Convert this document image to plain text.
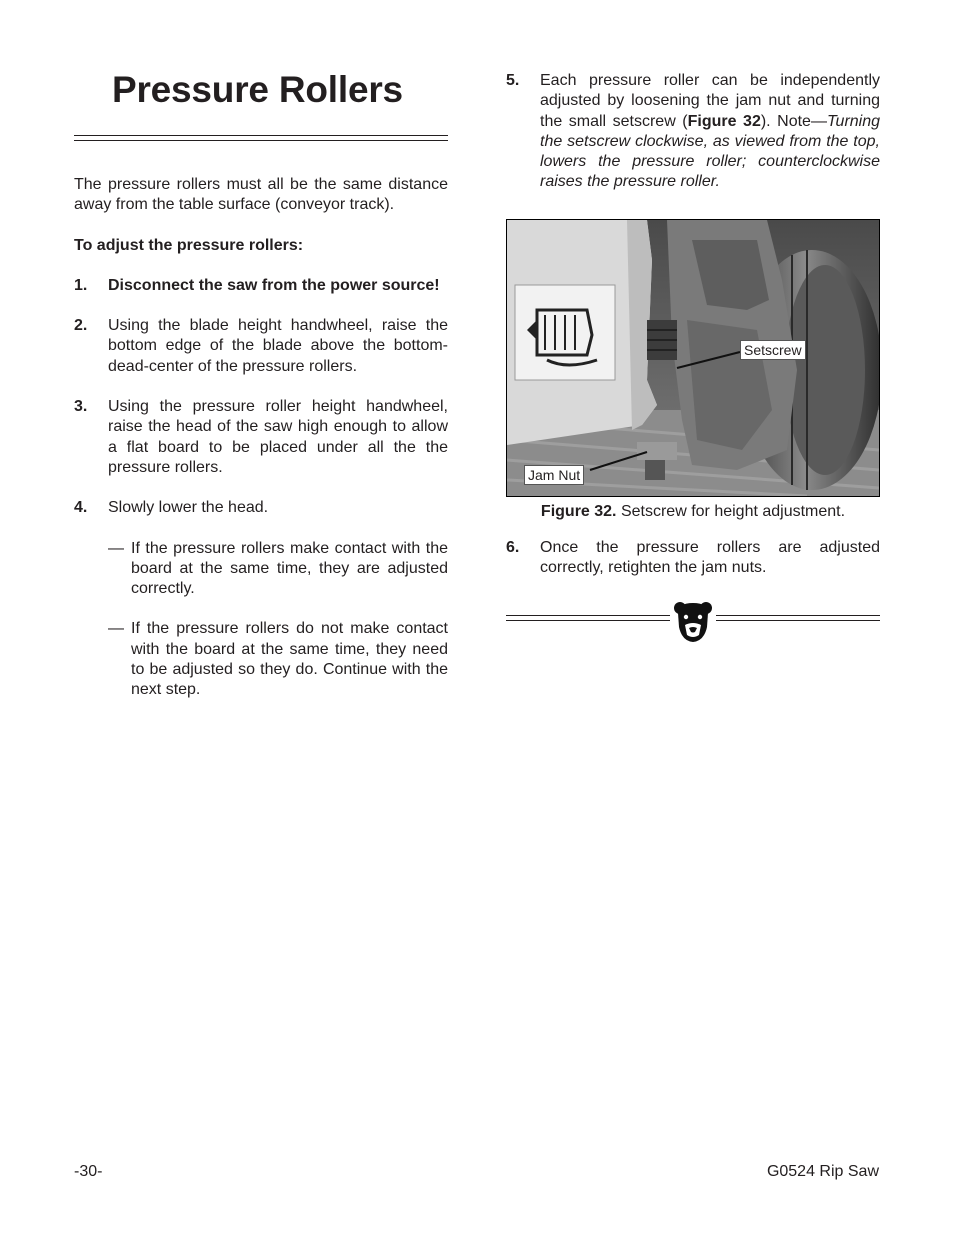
Pressure Rollers

The pressure rollers must all be the same distance away from the table surface (conveyor track).

To adjust the pressure rollers:

1.	Disconnect the saw from the power source!
2.	Using the blade height handwheel, raise the bottom edge of the blade above the bottom-dead-center of the pressure rollers.
3.	Using the pressure roller height handwheel, raise the head of the saw high enough to allow a flat board to be placed under all the the pressure rollers.
4.	Slowly lower the head.
— If the pressure rollers make contact with the board at the same time, they are adjusted correctly.
— If the pressure rollers do not make contact with the board at the same time, they need to be adjusted so they do. Continue with the next step.
5.	Each pressure roller can be independently adjusted by loosening the jam nut and turning the small setscrew (Figure 32). Note—Turning the setscrew clockwise, as viewed from the top, lowers the pressure roller; counterclockwise raises the pressure roller.
Setscrew
Jam Nut

Figure 32. Setscrew for height adjustment.

6.	Once the pressure rollers are adjusted correctly, retighten the jam nuts.
-30-	G0524 Rip Saw
